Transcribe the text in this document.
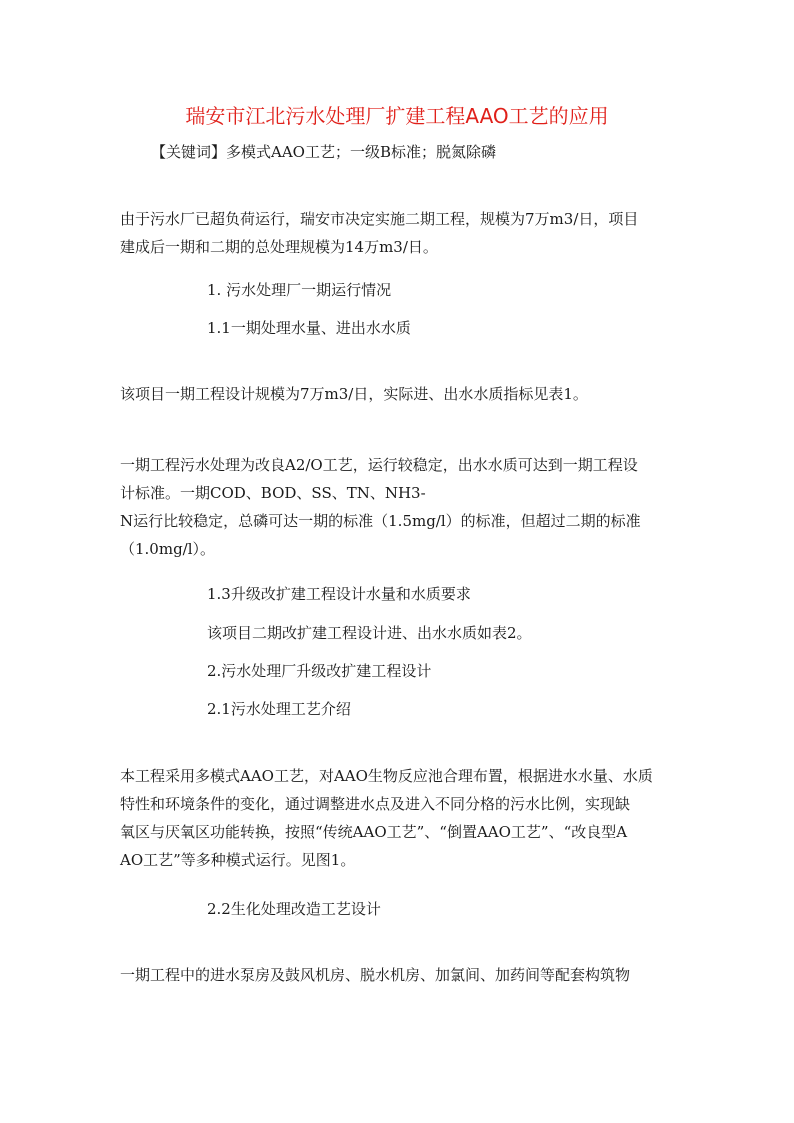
瑞安市江北污水处理厂扩建工程AAO工艺的应用
【关键词】多模式AAO工艺；一级B标准；脱氮除磷
由于污水厂已超负荷运行，瑞安市决定实施二期工程，规模为7万m3/日，项目
建成后一期和二期的总处理规模为14万m3/日。
1. 污水处理厂一期运行情况
1.1一期处理水量、进出水水质
该项目一期工程设计规模为7万m3/日，实际进、出水水质指标见表1。
一期工程污水处理为改良A2/O工艺，运行较稳定，出水水质可达到一期工程设
计标准。一期COD、BOD、SS、TN、NH3-
N运行比较稳定，总磷可达一期的标准（1.5mg/l）的标准，但超过二期的标准
（1.0mg/l）。
1.3升级改扩建工程设计水量和水质要求
该项目二期改扩建工程设计进、出水水质如表2。
2.污水处理厂升级改扩建工程设计
2.1污水处理工艺介绍
本工程采用多模式AAO工艺，对AAO生物反应池合理布置，根据进水水量、水质
特性和环境条件的变化，通过调整进水点及进入不同分格的污水比例，实现缺
氧区与厌氧区功能转换，按照“传统AAO工艺”、“倒置AAO工艺”、“改良型A
AO工艺”等多种模式运行。见图1。
2.2生化处理改造工艺设计
一期工程中的进水泵房及鼓风机房、脱水机房、加氯间、加药间等配套构筑物
